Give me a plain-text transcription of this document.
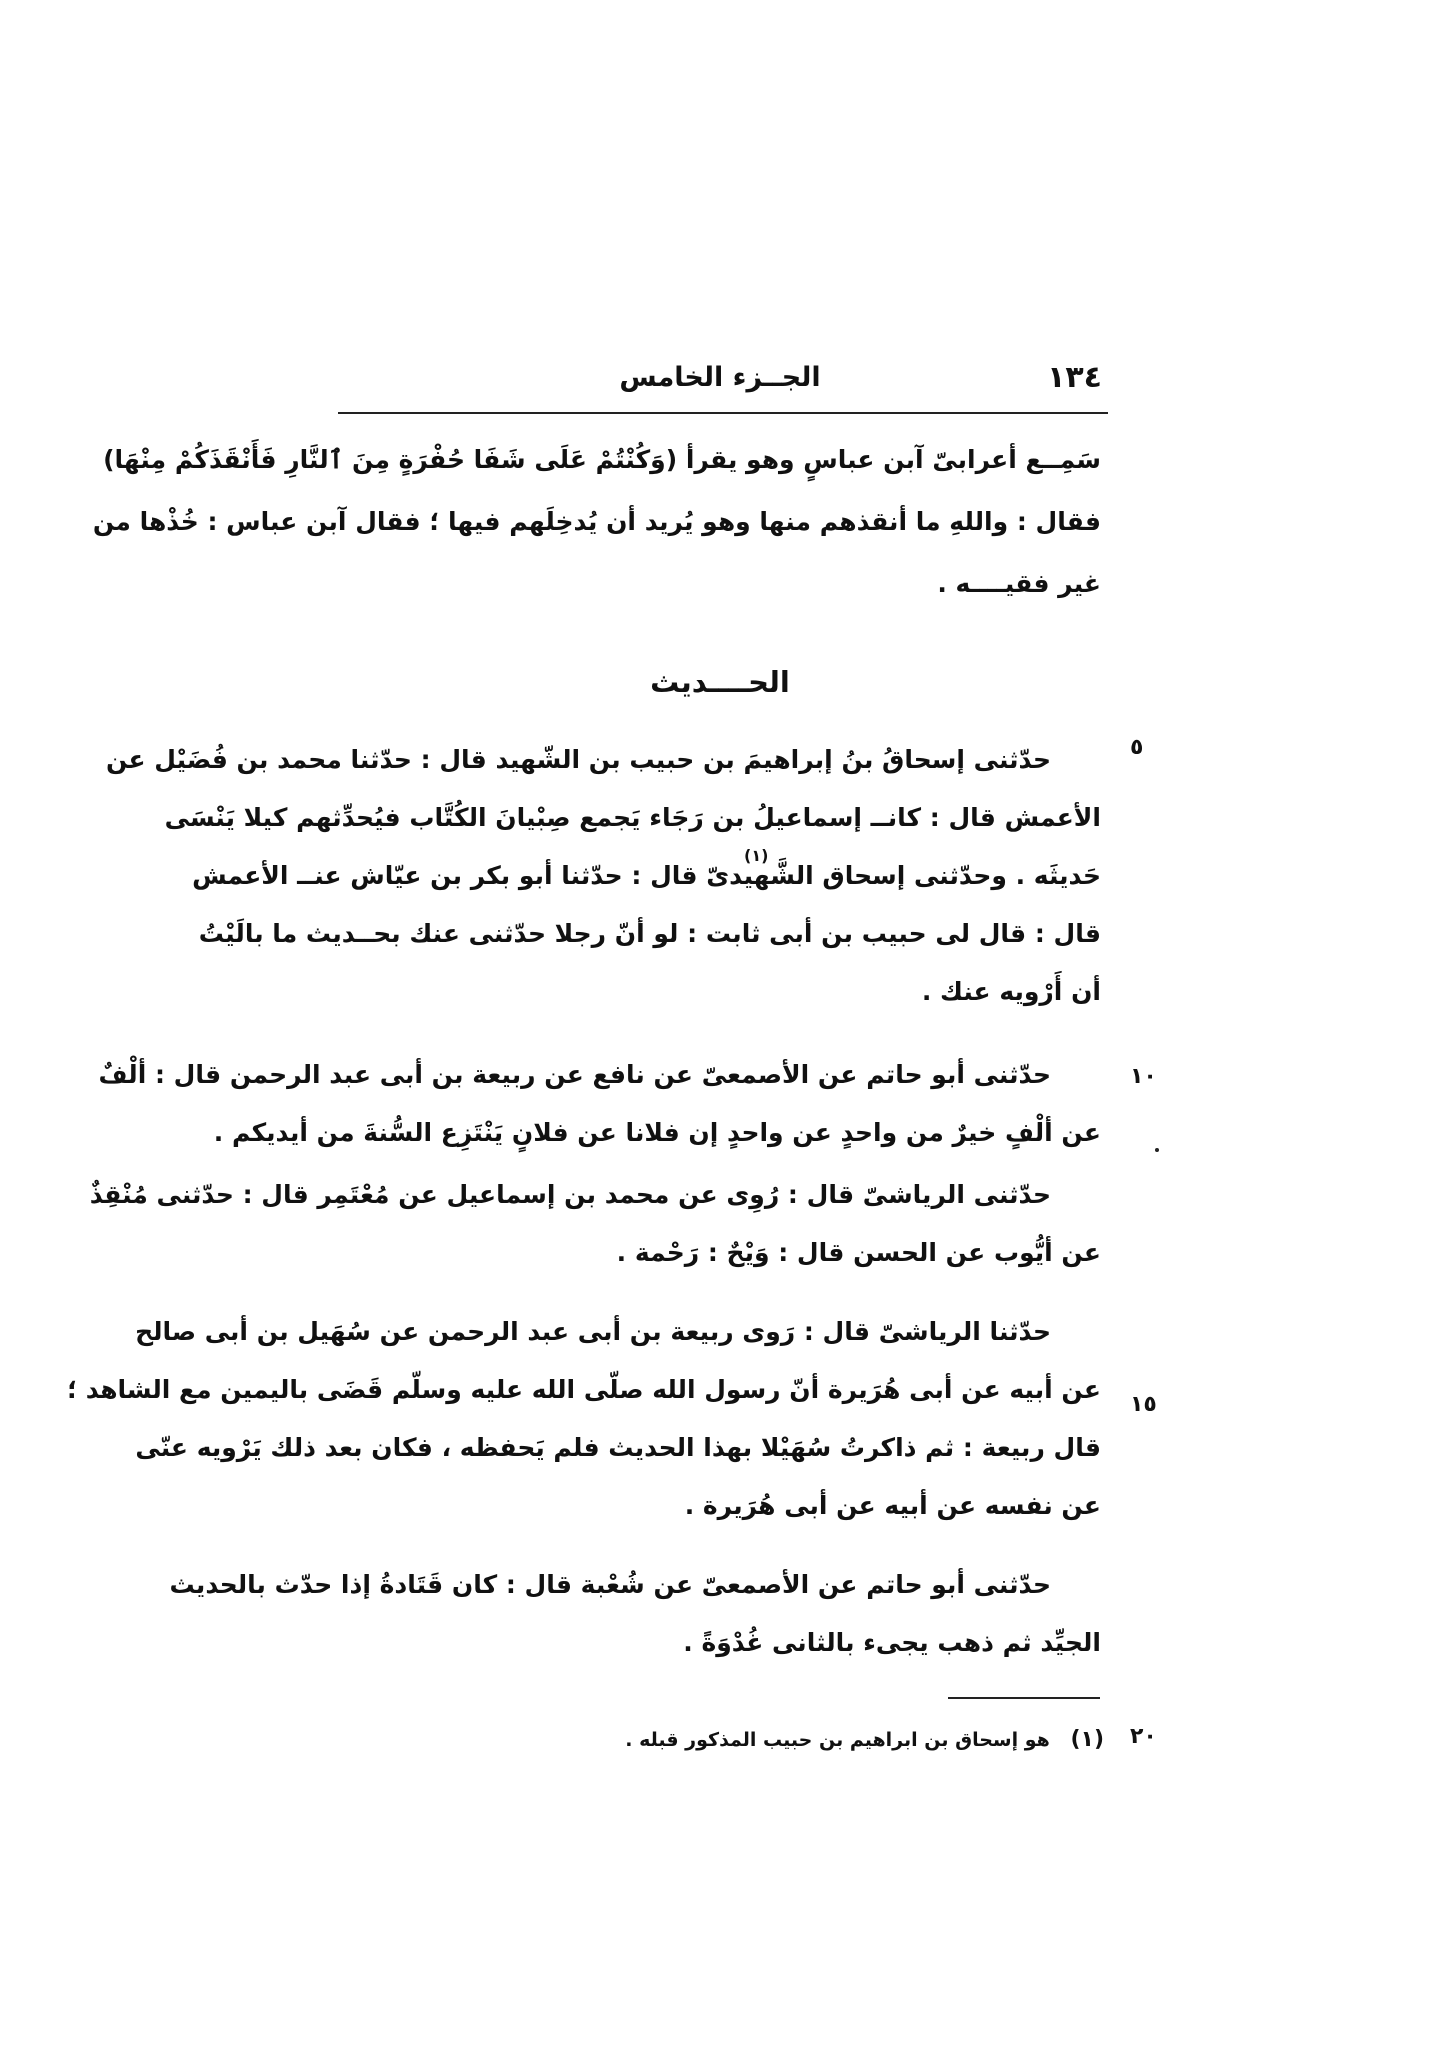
١٣٤
الجــزء الخامس
سَمِــع أعرابىّ آبن عباسٍ وهو يقرأ (وَكُنْتُمْ عَلَى شَفَا حُفْرَةٍ مِنَ ٱلنَّارِ فَأَنْقَذَكُمْ مِنْهَا)
فقال : واللهِ ما أنقذهم منها وهو يُريد أن يُدخِلَهم فيها ؛ فقال آبن عباس : خُذْها من
غير فقيــــه .
الحــــديث
حدّثنى إسحاقُ بنُ إبراهيمَ بن حبيب بن الشّهيد قال : حدّثنا محمد بن فُضَيْل عن
الأعمش قال : كانــ إسماعيلُ بن رَجَاء يَجمع صِبْيانَ الكُتَّاب فيُحدِّثهم كيلا يَنْسَى
حَديثَه . وحدّثنى إسحاق الشَّهيدىّ قال : حدّثنا أبو بكر بن عيّاش عنــ الأعمش
قال : قال لى حبيب بن أبى ثابت : لو أنّ رجلا حدّثنى عنك بحــديث ما بالَيْتُ
أن أَرْويه عنك .
(١)
حدّثنى أبو حاتم عن الأصمعىّ عن نافع عن ربيعة بن أبى عبد الرحمن قال : ألْفٌ
عن ألْفٍ خيرٌ من واحدٍ عن واحدٍ إن فلانا عن فلانٍ يَنْتَزِع السُّنةَ من أيديكم .
حدّثنى الرياشىّ قال : رُوِى عن محمد بن إسماعيل عن مُعْتَمِر قال : حدّثنى مُنْقِذٌ
عن أيُّوب عن الحسن قال : وَيْحٌ : رَحْمة .
حدّثنا الرياشىّ قال : رَوى ربيعة بن أبى عبد الرحمن عن سُهَيل بن أبى صالح
عن أبيه عن أبى هُرَيرة أنّ رسول الله صلّى الله عليه وسلّم قَضَى باليمين مع الشاهد ؛
قال ربيعة : ثم ذاكرتُ سُهَيْلا بهذا الحديث فلم يَحفظه ، فكان بعد ذلك يَرْويه عنّى
عن نفسه عن أبيه عن أبى هُرَيرة .
حدّثنى أبو حاتم عن الأصمعىّ عن شُعْبة قال : كان قَتَادةُ إذا حدّث بالحديث
الجيِّد ثم ذهب يجىء بالثانى غُدْوَةً .
٥
١٠
١٥
٢٠
(١) هو إسحاق بن ابراهيم بن حبيب المذكور قبله .
